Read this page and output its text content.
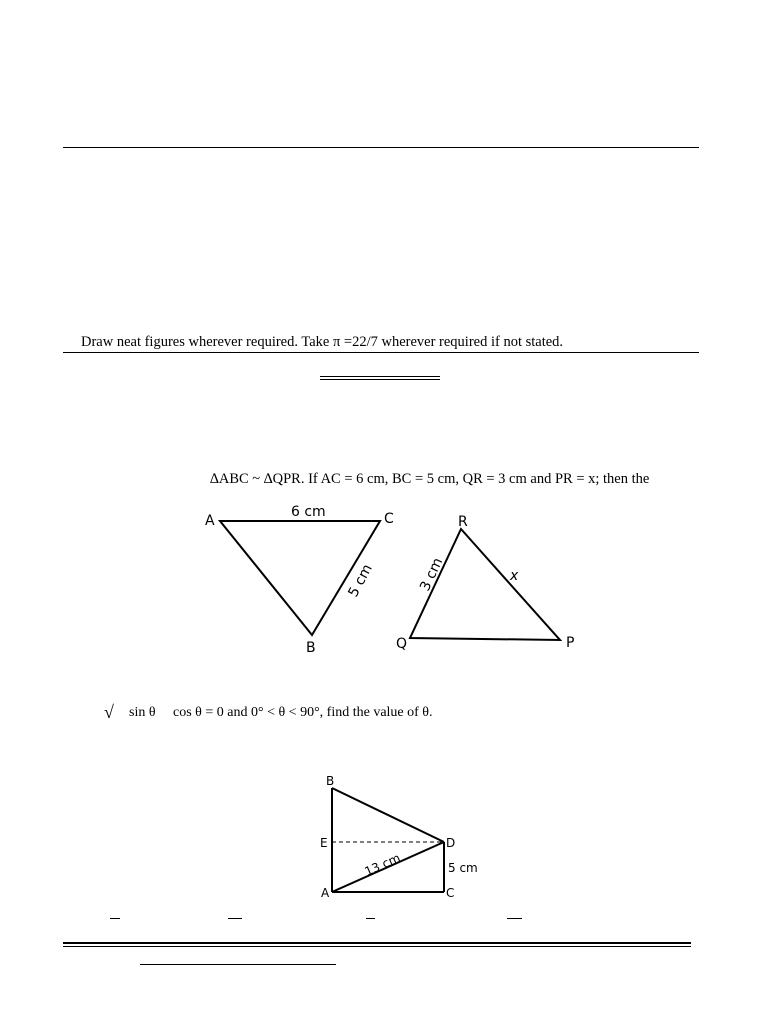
Draw neat figures wherever required. Take π =22/7 wherever required if not stated.
∆ABC ~ ∆QPR. If AC = 6 cm, BC = 5 cm, QR = 3 cm and PR = x; then the
A	C
B
6 cm
5 cm
R
Q	P
3 cm	x
√ sin θ cos θ = 0 and 0° < θ < 90°, find the value of θ.
B
E	D
A	C
13 cm	5 cm
